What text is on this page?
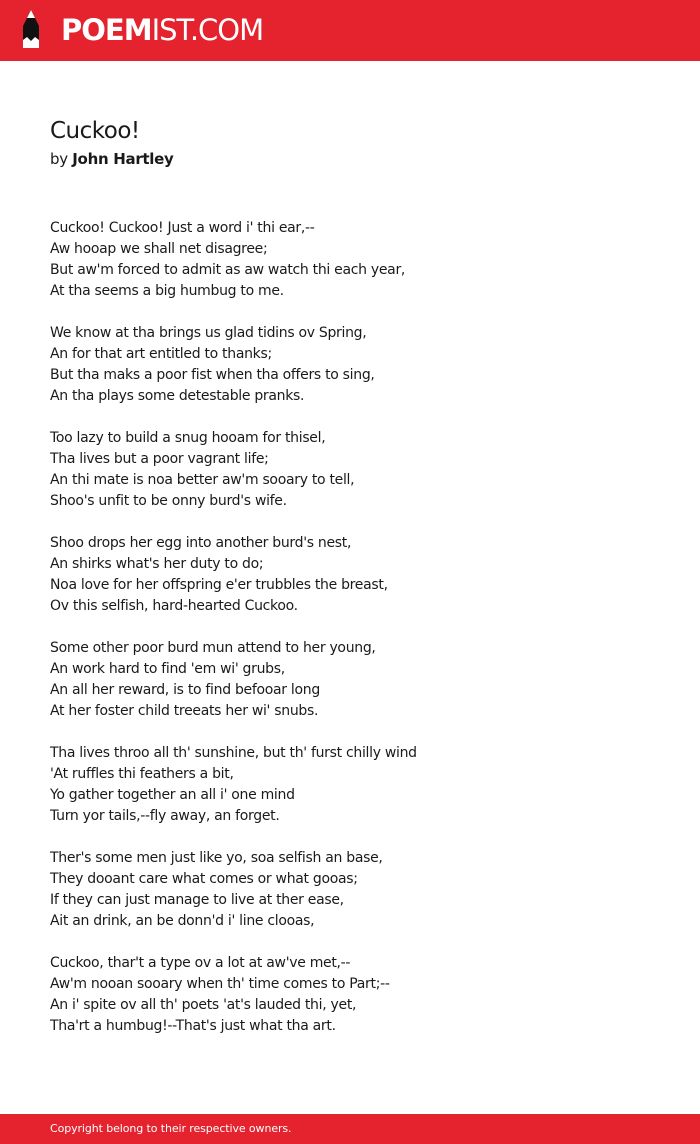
POEMIST.COM
Cuckoo!
by John Hartley
Cuckoo! Cuckoo! Just a word i' thi ear,--
Aw hooap we shall net disagree;
But aw'm forced to admit as aw watch thi each year,
At tha seems a big humbug to me.
We know at tha brings us glad tidins ov Spring,
An for that art entitled to thanks;
But tha maks a poor fist when tha offers to sing,
An tha plays some detestable pranks.
Too lazy to build a snug hooam for thisel,
Tha lives but a poor vagrant life;
An thi mate is noa better aw'm sooary to tell,
Shoo's unfit to be onny burd's wife.
Shoo drops her egg into another burd's nest,
An shirks what's her duty to do;
Noa love for her offspring e'er trubbles the breast,
Ov this selfish, hard-hearted Cuckoo.
Some other poor burd mun attend to her young,
An work hard to find 'em wi' grubs,
An all her reward, is to find befooar long
At her foster child treeats her wi' snubs.
Tha lives throo all th' sunshine, but th' furst chilly wind
'At ruffles thi feathers a bit,
Yo gather together an all i' one mind
Turn yor tails,--fly away, an forget.
Ther's some men just like yo, soa selfish an base,
They dooant care what comes or what gooas;
If they can just manage to live at ther ease,
Ait an drink, an be donn'd i' line clooas,
Cuckoo, thar't a type ov a lot at aw've met,--
Aw'm nooan sooary when th' time comes to Part;--
An i' spite ov all th' poets 'at's lauded thi, yet,
Tha'rt a humbug!--That's just what tha art.
Copyright belong to their respective owners.
